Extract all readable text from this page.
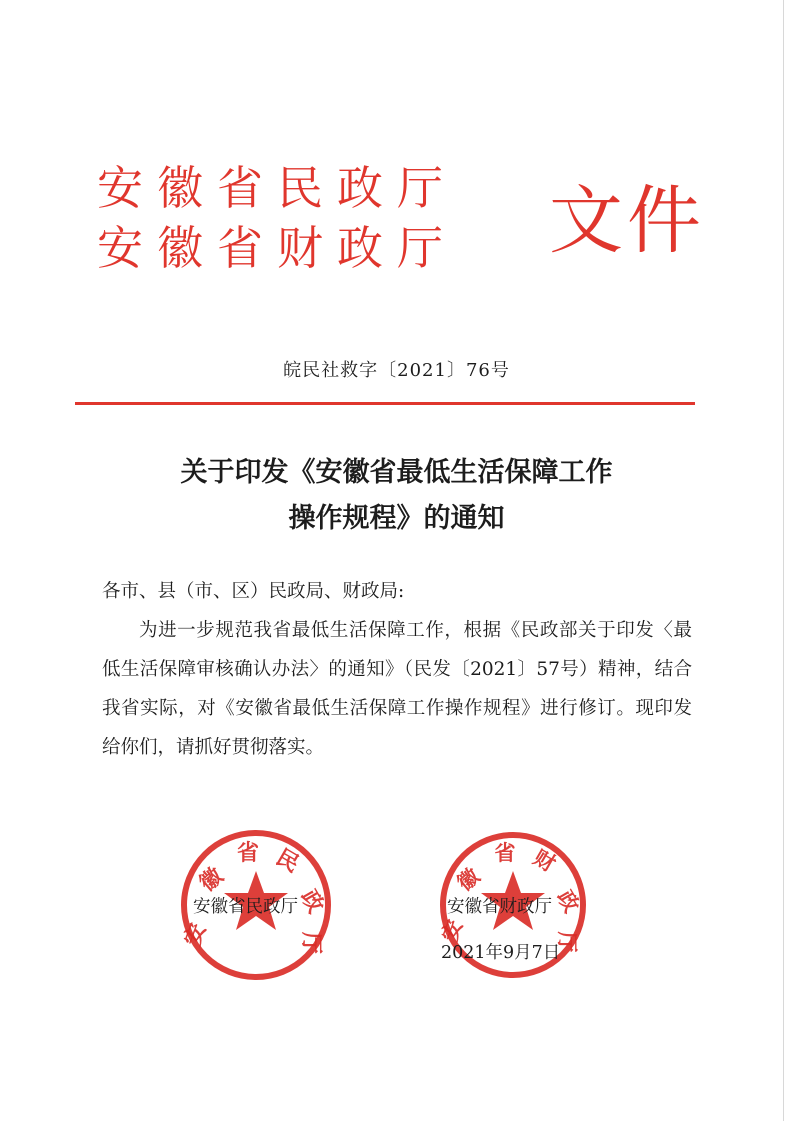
安徽省民政厅
安徽省财政厅 文件
皖民社救字〔2021〕76号
关于印发《安徽省最低生活保障工作
操作规程》的通知
各市、县（市、区）民政局、财政局:

为进一步规范我省最低生活保障工作，根据《民政部关于印发〈最低生活保障审核确认办法〉的通知》（民发〔2021〕57号）精神，结合我省实际，对《安徽省最低生活保障工作操作规程》进行修订。现印发给你们，请抓好贯彻落实。

安
徽
省 民
政
厅	安
徽
省 财
政
厅
安徽省民政厅	安徽省财政厅
2021年9月7日
